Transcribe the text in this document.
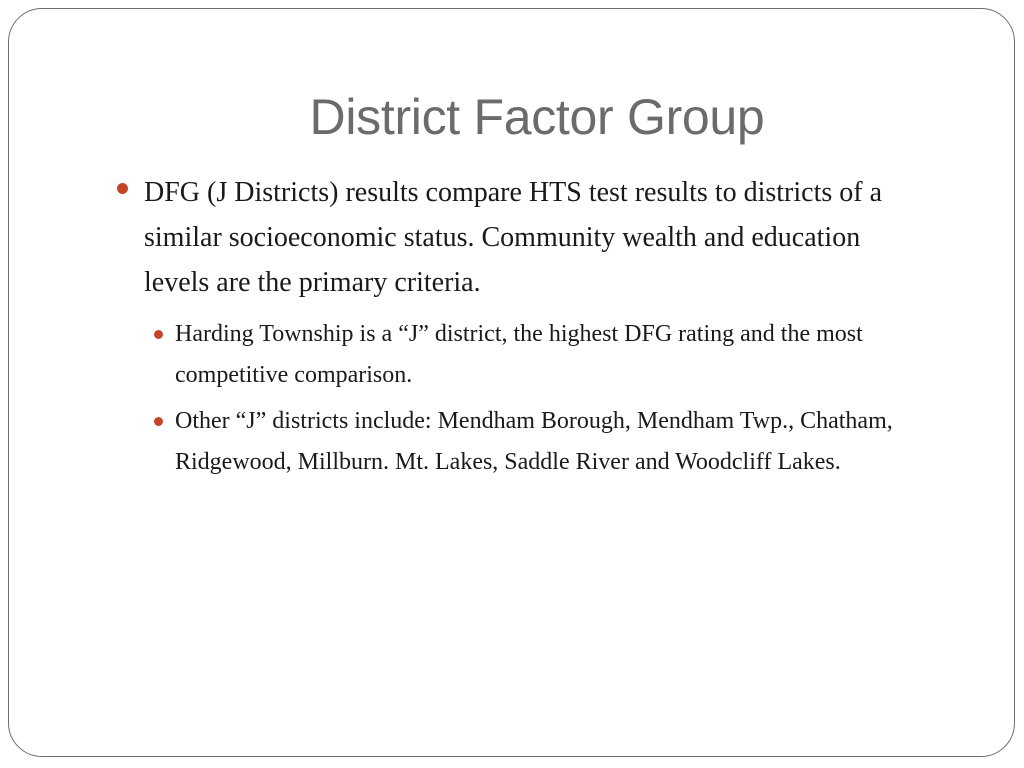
District Factor Group
DFG (J Districts) results compare HTS test results to districts of a similar socioeconomic status. Community wealth and education levels are the primary criteria.
Harding Township is a “J” district, the highest DFG rating and the most competitive comparison.
Other “J” districts include: Mendham Borough, Mendham Twp., Chatham, Ridgewood, Millburn. Mt. Lakes, Saddle River and Woodcliff Lakes.
